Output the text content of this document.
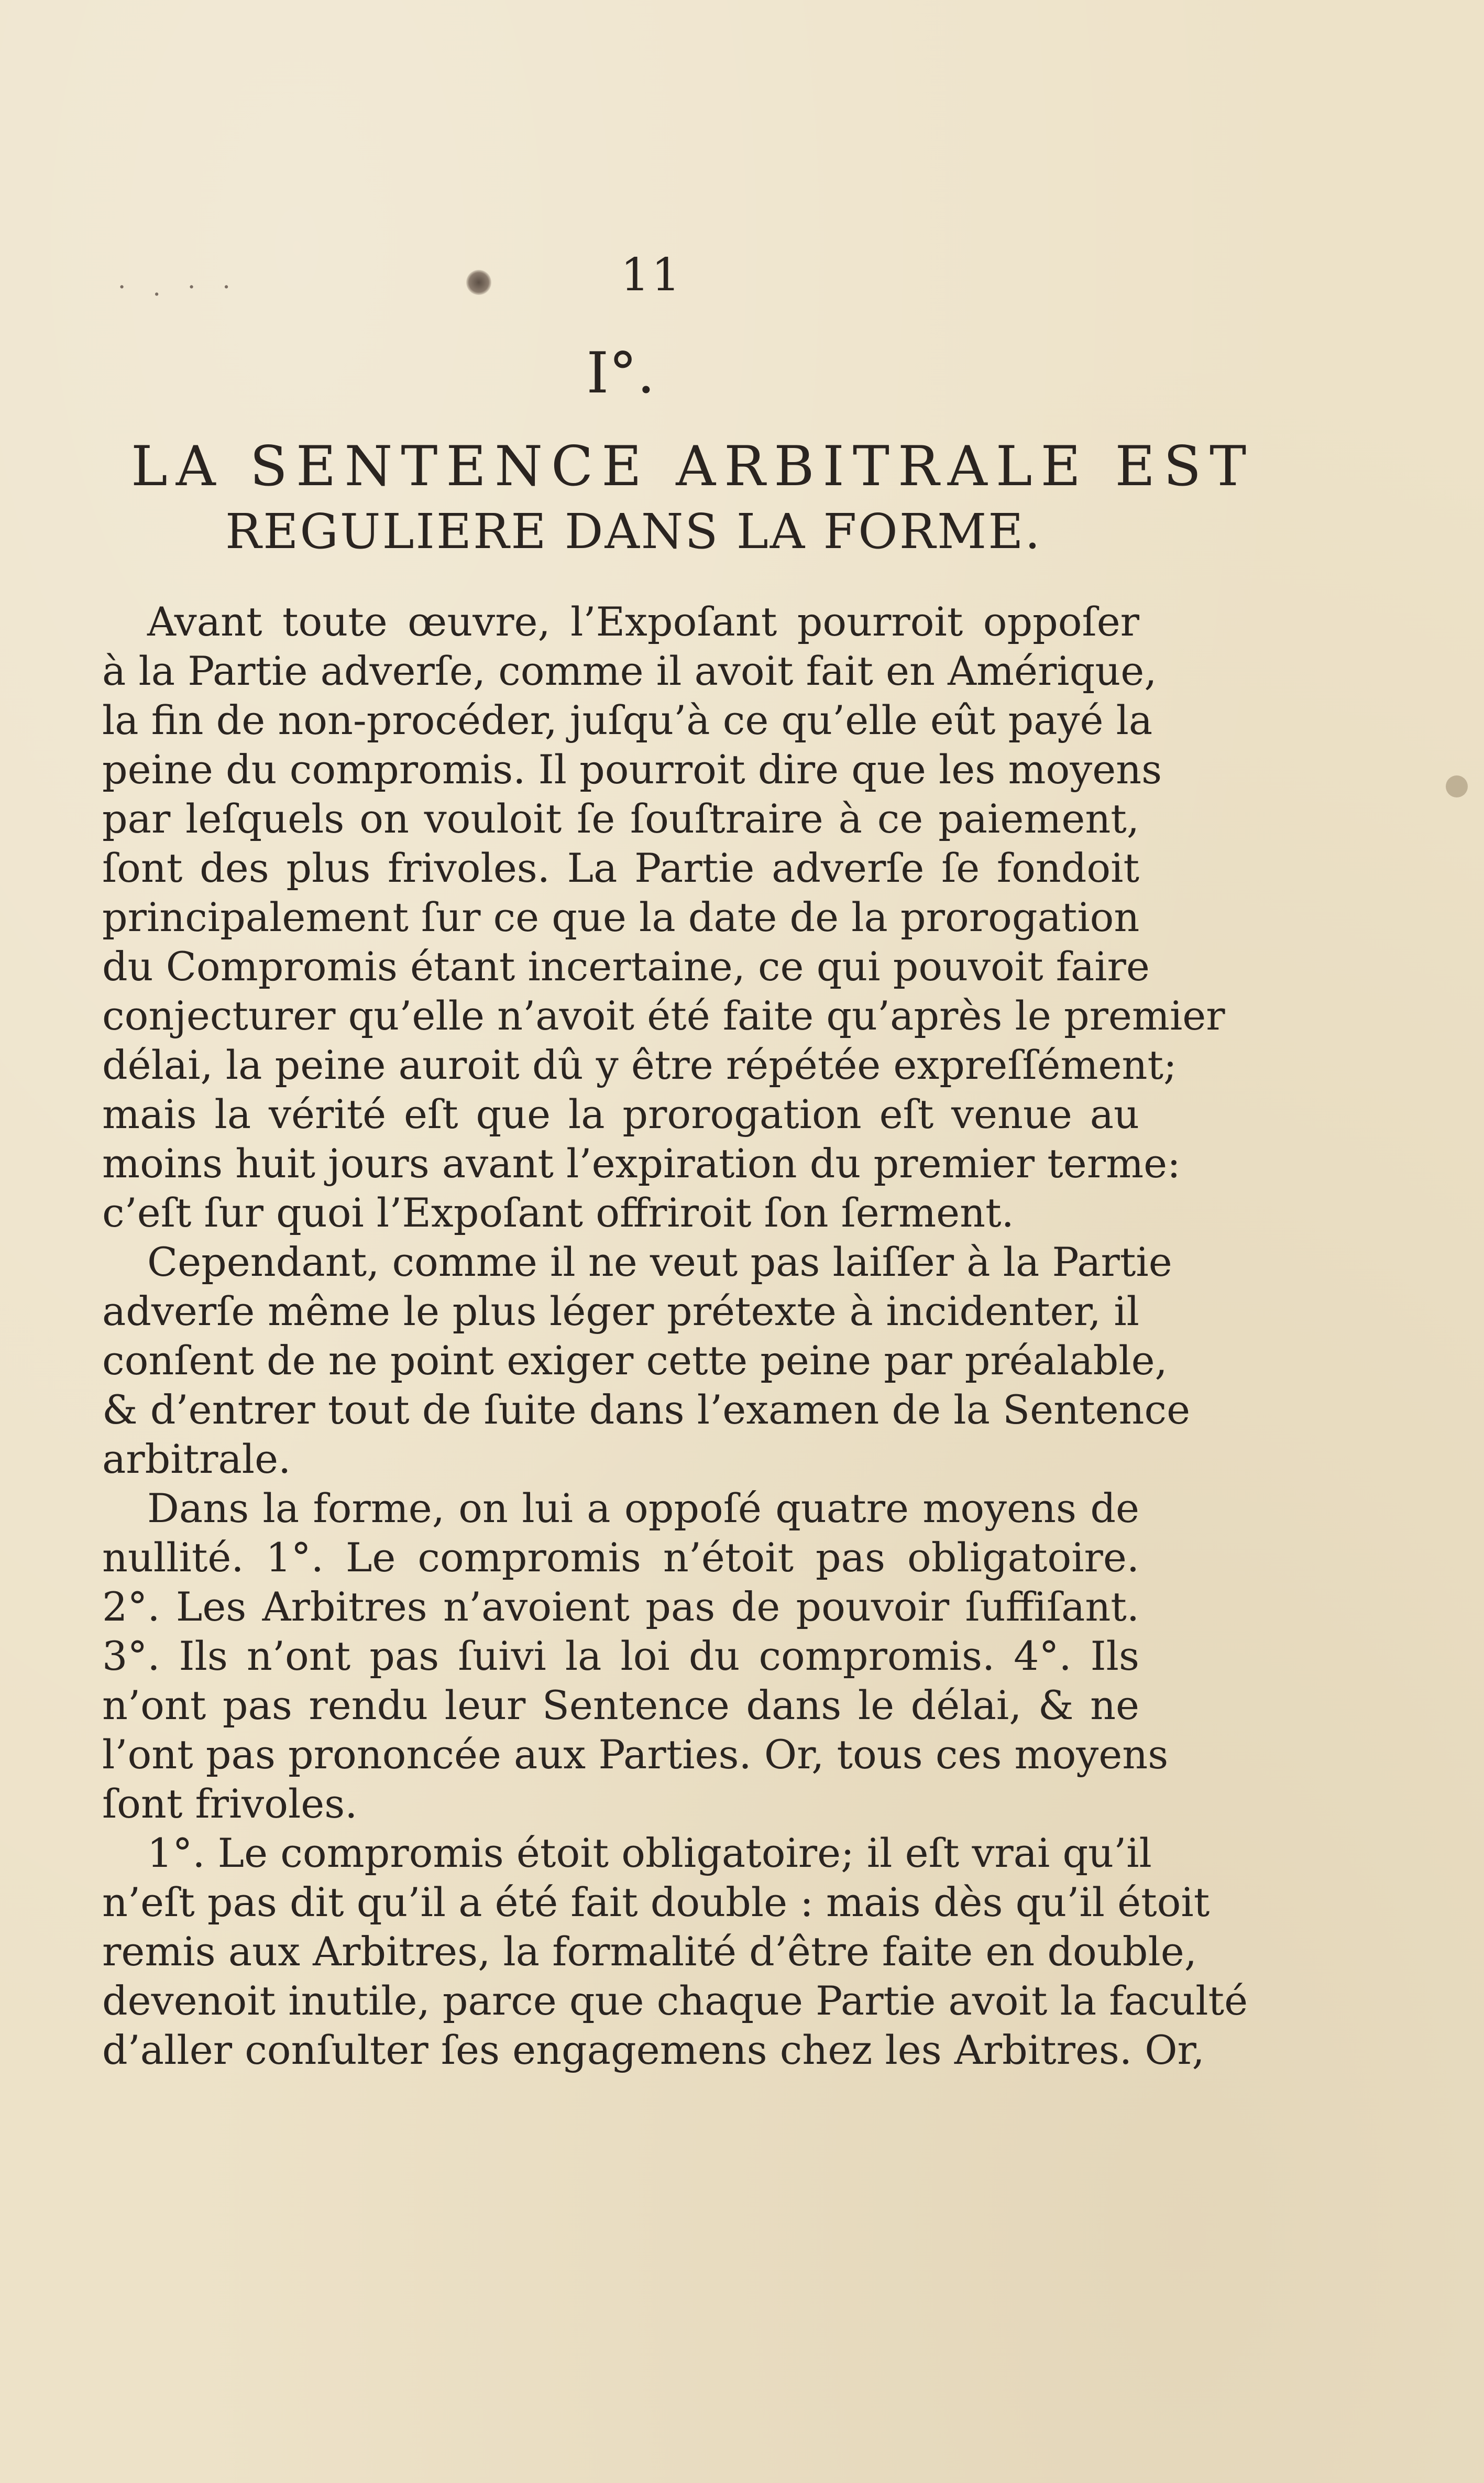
· . · ·	11
I°.
LA SENTENCE ARBITRALE EST
REGULIERE DANS LA FORME.
Avant toute œuvre, l’Expoſant pourroit oppoſer
à la Partie adverſe, comme il avoit fait en Amérique,
la fin de non-procéder, juſqu’à ce qu’elle eût payé la
peine du compromis. Il pourroit dire que les moyens
par leſquels on vouloit ſe ſouſtraire à ce paiement,
ſont des plus frivoles. La Partie adverſe ſe fondoit
principalement ſur ce que la date de la prorogation
du Compromis étant incertaine, ce qui pouvoit faire
conjecturer qu’elle n’avoit été faite qu’après le premier
délai, la peine auroit dû y être répétée expreſſément;
mais la vérité eſt que la prorogation eſt venue au
moins huit jours avant l’expiration du premier terme:
c’eſt ſur quoi l’Expoſant offriroit ſon ſerment.
Cependant, comme il ne veut pas laiſſer à la Partie
adverſe même le plus léger prétexte à incidenter, il
conſent de ne point exiger cette peine par préalable,
& d’entrer tout de ſuite dans l’examen de la Sentence
arbitrale.
Dans la forme, on lui a oppoſé quatre moyens de
nullité. 1°. Le compromis n’étoit pas obligatoire.
2°. Les Arbitres n’avoient pas de pouvoir ſuffiſant.
3°. Ils n’ont pas ſuivi la loi du compromis. 4°. Ils
n’ont pas rendu leur Sentence dans le délai, & ne
l’ont pas prononcée aux Parties. Or, tous ces moyens
ſont frivoles.
1°. Le compromis étoit obligatoire; il eſt vrai qu’il
n’eſt pas dit qu’il a été fait double : mais dès qu’il étoit
remis aux Arbitres, la formalité d’être faite en double,
devenoit inutile, parce que chaque Partie avoit la faculté
d’aller conſulter ſes engagemens chez les Arbitres. Or,
